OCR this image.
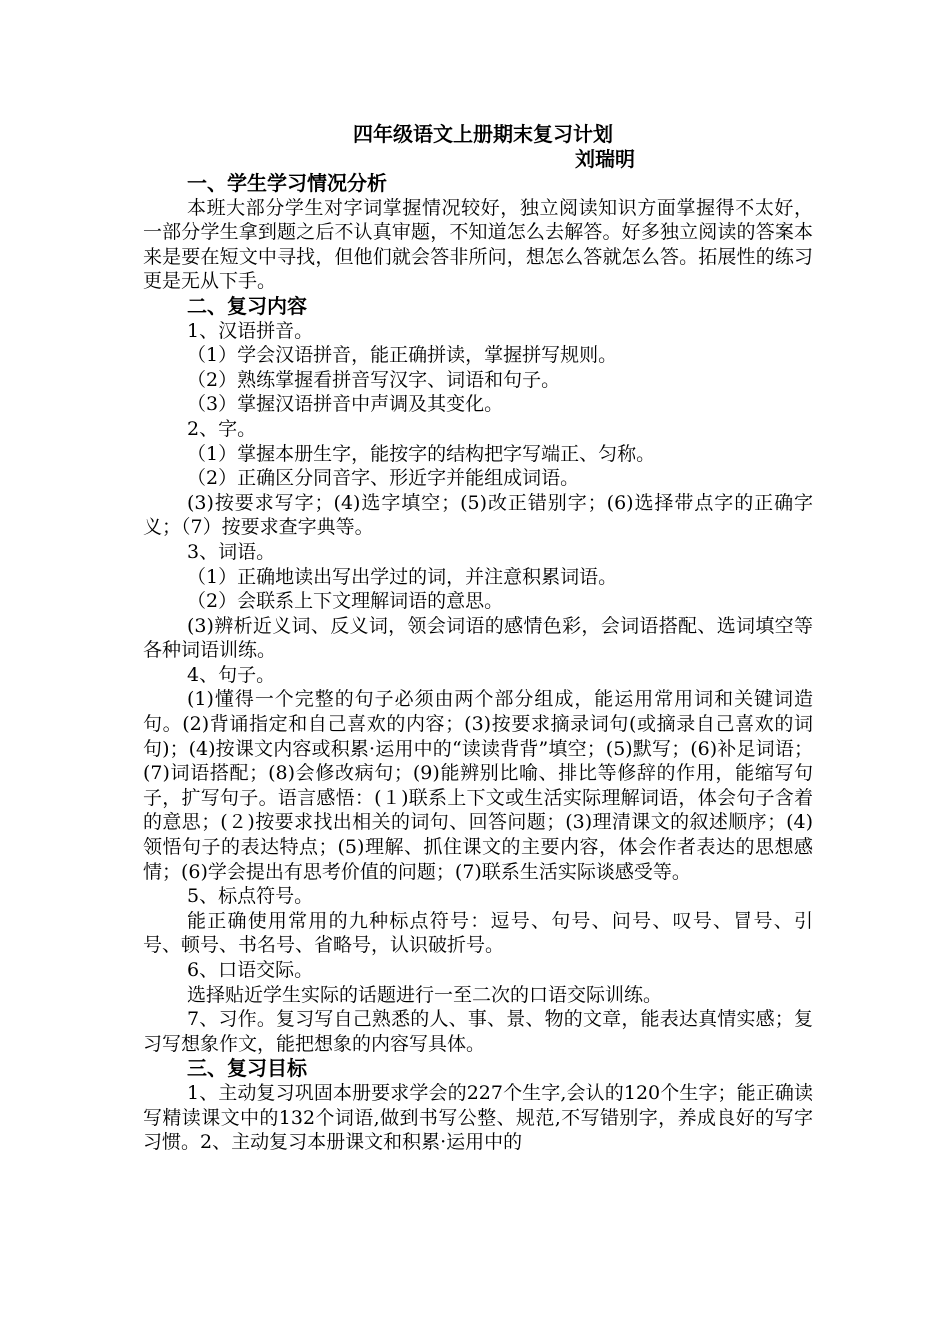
四年级语文上册期末复习计划
刘瑞明
一、学生学习情况分析
本班大部分学生对字词掌握情况较好，独立阅读知识方面掌握得不太好，一部分学生拿到题之后不认真审题，不知道怎么去解答。好多独立阅读的答案本来是要在短文中寻找，但他们就会答非所问，想怎么答就怎么答。拓展性的练习更是无从下手。
二、复习内容
1、汉语拼音。
（1）学会汉语拼音，能正确拼读，掌握拼写规则。
（2）熟练掌握看拼音写汉字、词语和句子。
（3）掌握汉语拼音中声调及其变化。
2、字。
（1）掌握本册生字，能按字的结构把字写端正、匀称。
（2）正确区分同音字、形近字并能组成词语。
(3)按要求写字；(4)选字填空；(5)改正错别字；(6)选择带点字的正确字义；（7）按要求查字典等。
3、词语。
（1）正确地读出写出学过的词，并注意积累词语。
（2）会联系上下文理解词语的意思。
(3)辨析近义词、反义词，领会词语的感情色彩，会词语搭配、选词填空等各种词语训练。
4、句子。
(1)懂得一个完整的句子必须由两个部分组成，能运用常用词和关键词造句。(2)背诵指定和自己喜欢的内容；(3)按要求摘录词句(或摘录自己喜欢的词句)；(4)按课文内容或积累·运用中的“读读背背”填空；(5)默写；(6)补足词语；(7)词语搭配；(8)会修改病句；(9)能辨别比喻、排比等修辞的作用，能缩写句子，扩写句子。语言感悟：(１)联系上下文或生活实际理解词语，体会句子含着的意思；(２)按要求找出相关的词句、回答问题；(3)理清课文的叙述顺序；(4)领悟句子的表达特点；(5)理解、抓住课文的主要内容，体会作者表达的思想感情；(6)学会提出有思考价值的问题；(7)联系生活实际谈感受等。
5、标点符号。
能正确使用常用的九种标点符号：逗号、句号、问号、叹号、冒号、引号、顿号、书名号、省略号，认识破折号。
6、口语交际。
选择贴近学生实际的话题进行一至二次的口语交际训练。
7、习作。复习写自己熟悉的人、事、景、物的文章，能表达真情实感；复习写想象作文，能把想象的内容写具体。
三、复习目标
1、主动复习巩固本册要求学会的227个生字,会认的120个生字；能正确读写精读课文中的132个词语,做到书写公整、规范,不写错别字，养成良好的写字习惯。2、主动复习本册课文和积累·运用中的
